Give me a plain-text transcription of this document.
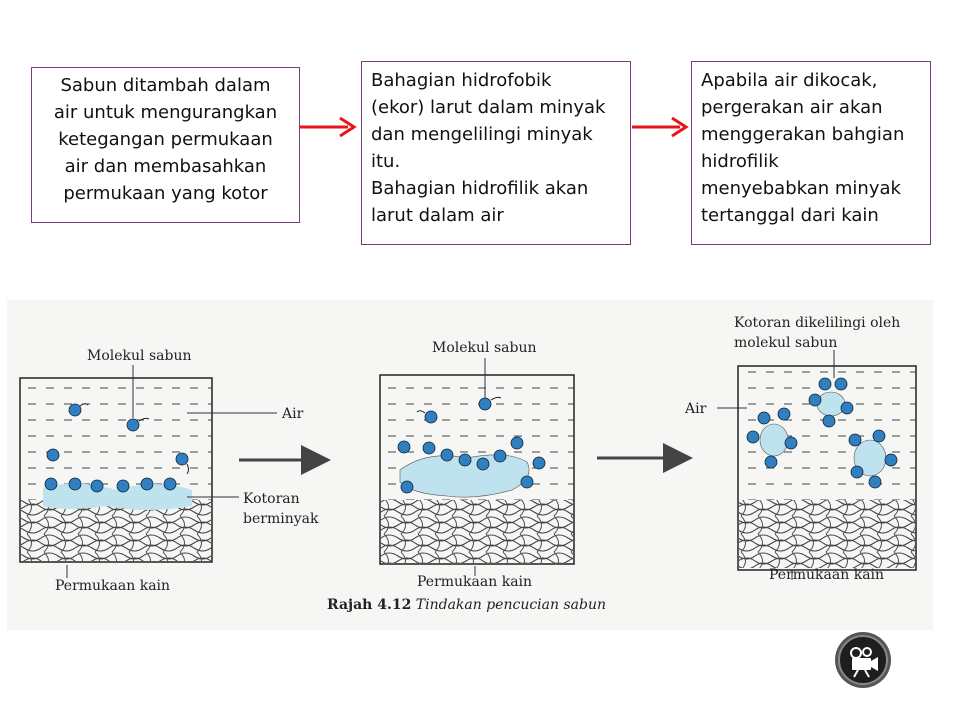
Sabun ditambah dalam
air untuk mengurangkan
ketegangan permukaan
air dan membasahkan
permukaan yang kotor
Bahagian hidrofobik
(ekor) larut dalam minyak
dan mengelilingi minyak
itu.
Bahagian hidrofilik akan
larut dalam air
Apabila air dikocak,
pergerakan air akan
menggerakan bahgian
hidrofilik
menyebabkan minyak
tertanggal dari kain
Molekul sabun
Air
Kotoran
berminyak
Permukaan kain
Molekul sabun
Permukaan kain
Kotoran dikelilingi oleh
molekul sabun
Air
Permukaan kain
Rajah 4.12 Tindakan pencucian sabun
